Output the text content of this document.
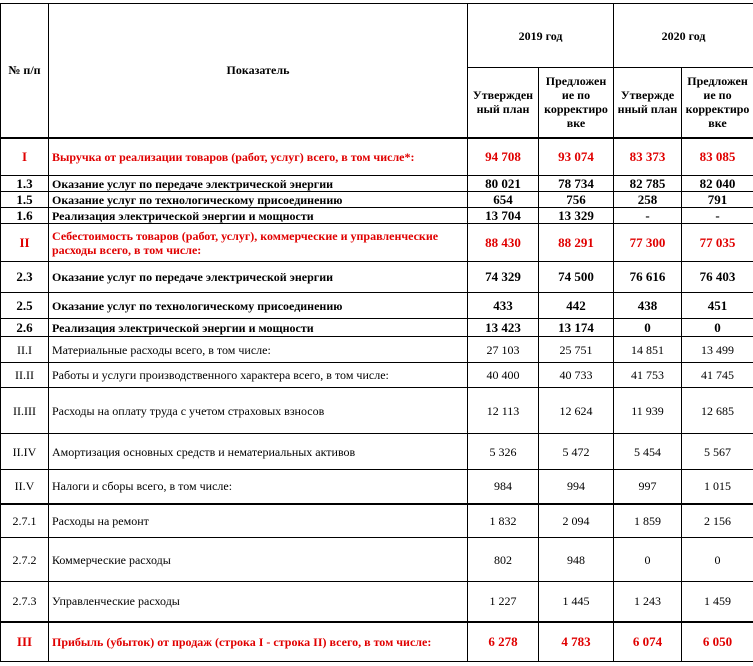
№ п/п	Показатель	2019 год		2020 год	
		Утвержден ный план	Предложен ие по корректиро вке	Утвержде нный план	Предложен ие по корректиро вке
I	Выручка от реализации товаров (работ, услуг) всего, в том числе*:	94 708	93 074	83 373	83 085
1.3	Оказание услуг по передаче электрической энергии	80 021	78 734	82 785	82 040
1.5	Оказание услуг по технологическому присоединению	654	756	258	791
1.6	Реализация электрической энергии и мощности	13 704	13 329	-	-
II	Себестоимость товаров (работ, услуг), коммерческие и управленческие расходы всего, в том числе:	88 430	88 291	77 300	77 035
2.3	Оказание услуг по передаче электрической энергии	74 329	74 500	76 616	76 403
2.5	Оказание услуг по технологическому присоединению	433	442	438	451
2.6	Реализация электрической энергии и мощности	13 423	13 174	0	0
II.I	Материальные расходы всего, в том числе:	27 103	25 751	14 851	13 499
II.II	Работы и услуги производственного характера всего, в том числе:	40 400	40 733	41 753	41 745
II.III	Расходы на оплату труда с учетом страховых взносов	12 113	12 624	11 939	12 685
II.IV	Амортизация основных средств и нематериальных активов	5 326	5 472	5 454	5 567
II.V	Налоги и сборы всего, в том числе:	984	994	997	1 015
2.7.1	Расходы на ремонт	1 832	2 094	1 859	2 156
2.7.2	Коммерческие расходы	802	948	0	0
2.7.3	Управленческие расходы	1 227	1 445	1 243	1 459
III	Прибыль (убыток) от продаж (строка I - строка II) всего, в том числе:	6 278	4 783	6 074	6 050
